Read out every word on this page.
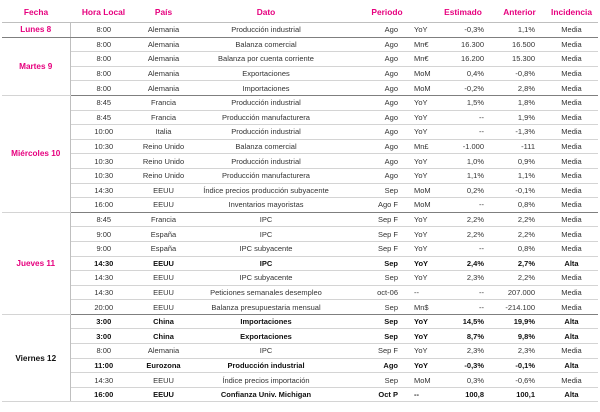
Fecha	Hora Local	País	Dato	Periodo		Estimado	Anterior	Incidencia
Lunes 8	8:00	Alemania	Producción industrial	Ago	YoY	-0,3%	1,1%	Media
Martes 9	8:00	Alemania	Balanza comercial	Ago	Mn€	16.300	16.500	Media
	8:00	Alemania	Balanza por cuenta corriente	Ago	Mn€	16.200	15.300	Media
	8:00	Alemania	Exportaciones	Ago	MoM	0,4%	-0,8%	Media
	8:00	Alemania	Importaciones	Ago	MoM	-0,2%	2,8%	Media
Miércoles 10	8:45	Francia	Producción industrial	Ago	YoY	1,5%	1,8%	Media
	8:45	Francia	Producción manufacturera	Ago	YoY	--	1,9%	Media
	10:00	Italia	Producción industrial	Ago	YoY	--	-1,3%	Media
	10:30	Reino Unido	Balanza comercial	Ago	Mn£	-1.000	-111	Media
	10:30	Reino Unido	Producción industrial	Ago	YoY	1,0%	0,9%	Media
	10:30	Reino Unido	Producción manufacturera	Ago	YoY	1,1%	1,1%	Media
	14:30	EEUU	Índice precios producción subyacente	Sep	MoM	0,2%	-0,1%	Media
	16:00	EEUU	Inventarios mayoristas	Ago F	MoM	--	0,8%	Media
Jueves 11	8:45	Francia	IPC	Sep F	YoY	2,2%	2,2%	Media
	9:00	España	IPC	Sep F	YoY	2,2%	2,2%	Media
	9:00	España	IPC subyacente	Sep F	YoY	--	0,8%	Media
	14:30	EEUU	IPC	Sep	YoY	2,4%	2,7%	Alta
	14:30	EEUU	IPC subyacente	Sep	YoY	2,3%	2,2%	Media
	14:30	EEUU	Peticiones semanales desempleo	oct-06	--	--	207.000	Media
	20:00	EEUU	Balanza presupuestaria mensual	Sep	Mn$	--	-214.100	Media
Viernes 12	3:00	China	Importaciones	Sep	YoY	14,5%	19,9%	Alta
	3:00	China	Exportaciones	Sep	YoY	8,7%	9,8%	Alta
	8:00	Alemania	IPC	Sep F	YoY	2,3%	2,3%	Media
	11:00	Eurozona	Producción industrial	Ago	YoY	-0,3%	-0,1%	Alta
	14:30	EEUU	Índice precios importación	Sep	MoM	0,3%	-0,6%	Media
	16:00	EEUU	Confianza Univ. Michigan	Oct P	--	100,8	100,1	Alta
